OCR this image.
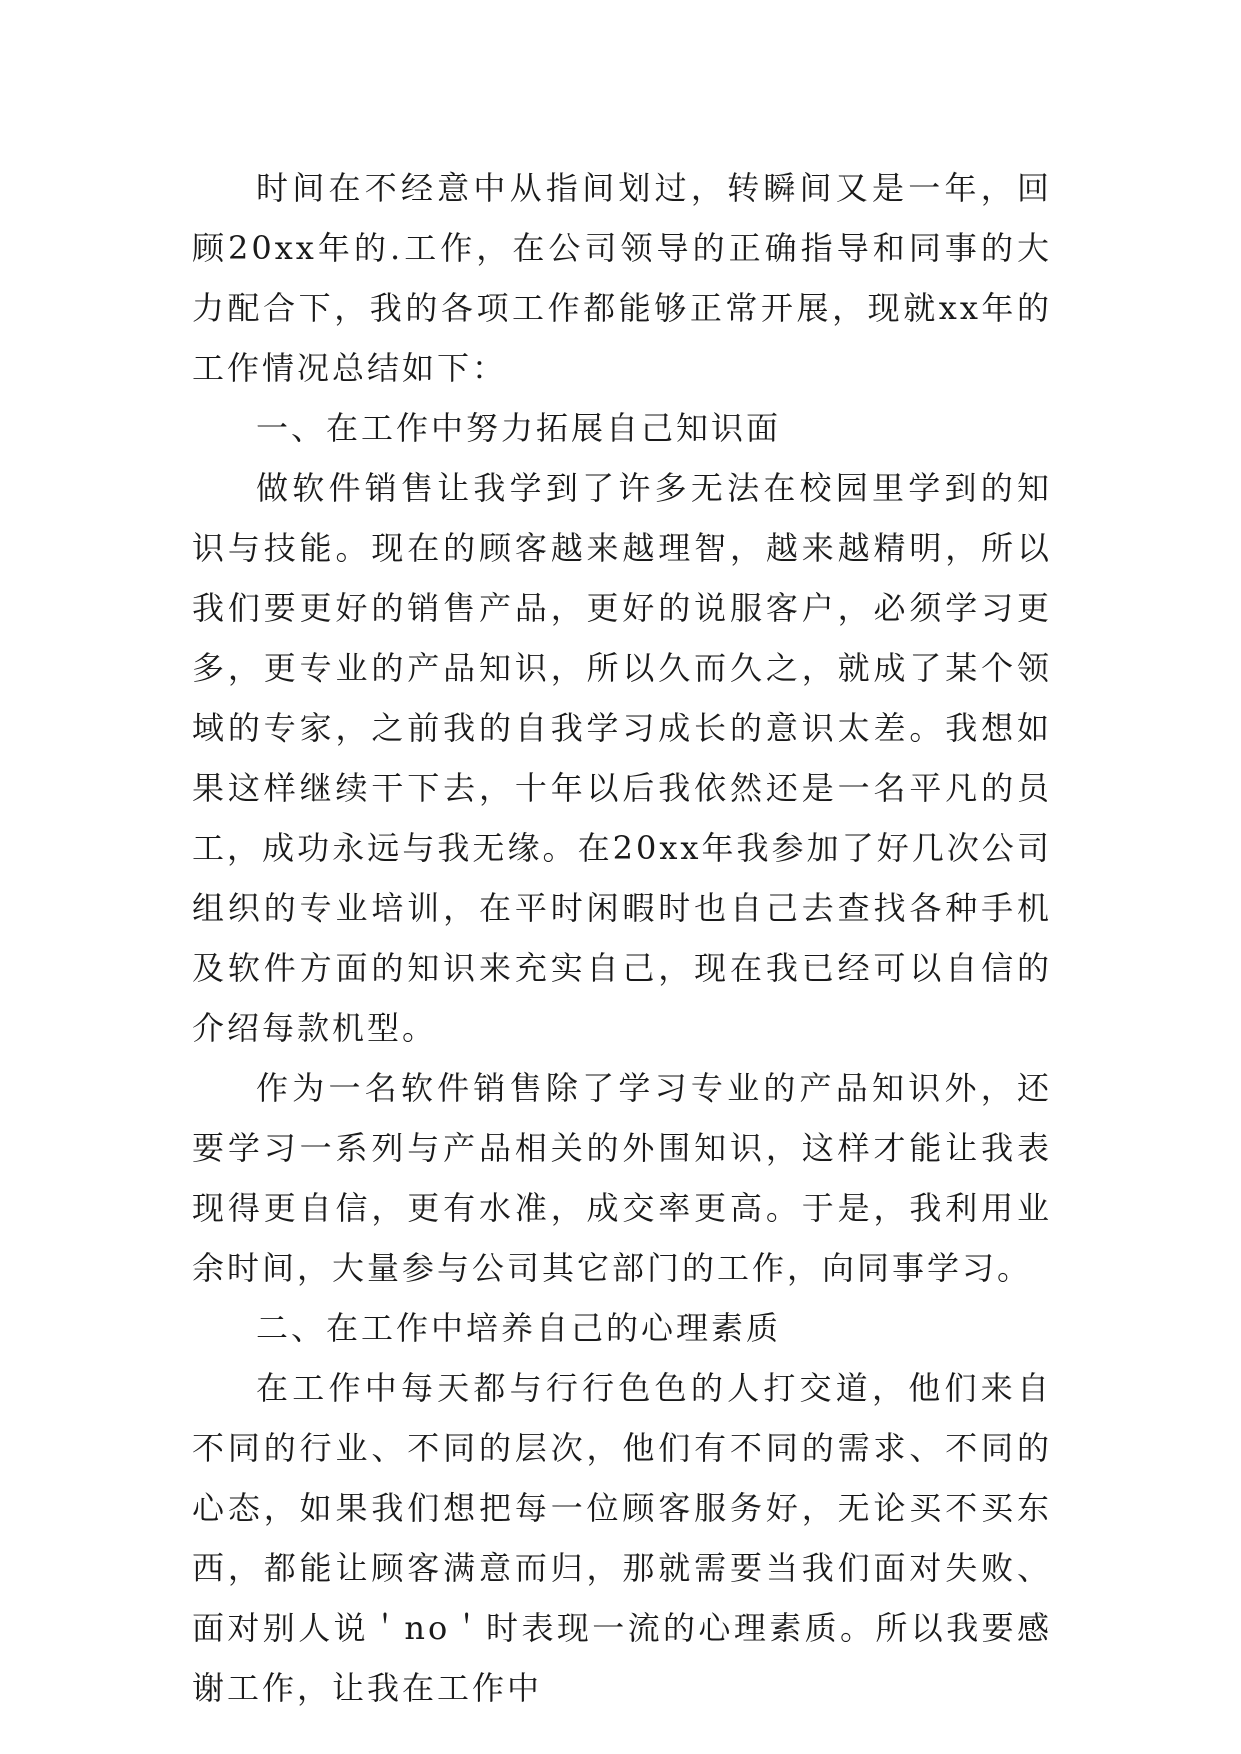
时间在不经意中从指间划过，转瞬间又是一年，回顾20xx年的.工作，在公司领导的正确指导和同事的大力配合下，我的各项工作都能够正常开展，现就xx年的工作情况总结如下：

一、在工作中努力拓展自己知识面

做软件销售让我学到了许多无法在校园里学到的知识与技能。现在的顾客越来越理智，越来越精明，所以我们要更好的销售产品，更好的说服客户，必须学习更多，更专业的产品知识，所以久而久之，就成了某个领域的专家，之前我的自我学习成长的意识太差。我想如果这样继续干下去，十年以后我依然还是一名平凡的员工，成功永远与我无缘。在20xx年我参加了好几次公司组织的专业培训，在平时闲暇时也自己去查找各种手机及软件方面的知识来充实自己，现在我已经可以自信的介绍每款机型。

作为一名软件销售除了学习专业的产品知识外，还要学习一系列与产品相关的外围知识，这样才能让我表现得更自信，更有水准，成交率更高。于是，我利用业余时间，大量参与公司其它部门的工作，向同事学习。

二、在工作中培养自己的心理素质

在工作中每天都与行行色色的人打交道，他们来自不同的行业、不同的层次，他们有不同的需求、不同的心态，如果我们想把每一位顾客服务好，无论买不买东西，都能让顾客满意而归，那就需要当我们面对失败、面对别人说＇no＇时表现一流的心理素质。所以我要感谢工作，让我在工作中
